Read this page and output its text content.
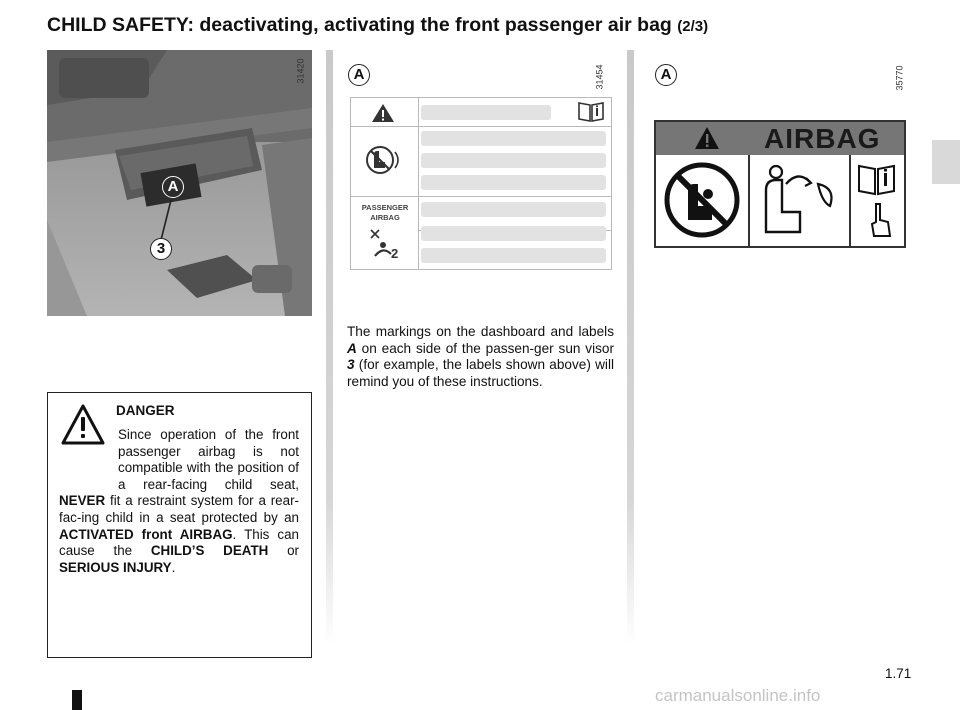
CHILD SAFETY: deactivating, activating the front passenger air bag (2/3)
A
3
31420	A	31454
PASSENGER AIRBAG
2
A	35770
AIRBAG
The markings on the dashboard and labels A on each side of the passen-ger sun visor 3 (for example, the labels shown above) will remind you of these instructions.
DANGER
Since operation of the front passenger airbag is not compatible with the position of a rear-facing child seat, NEVER fit a restraint system for a rear-fac-ing child in a seat protected by an ACTIVATED front AIRBAG. This can cause the CHILD’S DEATH or SERIOUS INJURY.
1.71
carmanualsonline.info
